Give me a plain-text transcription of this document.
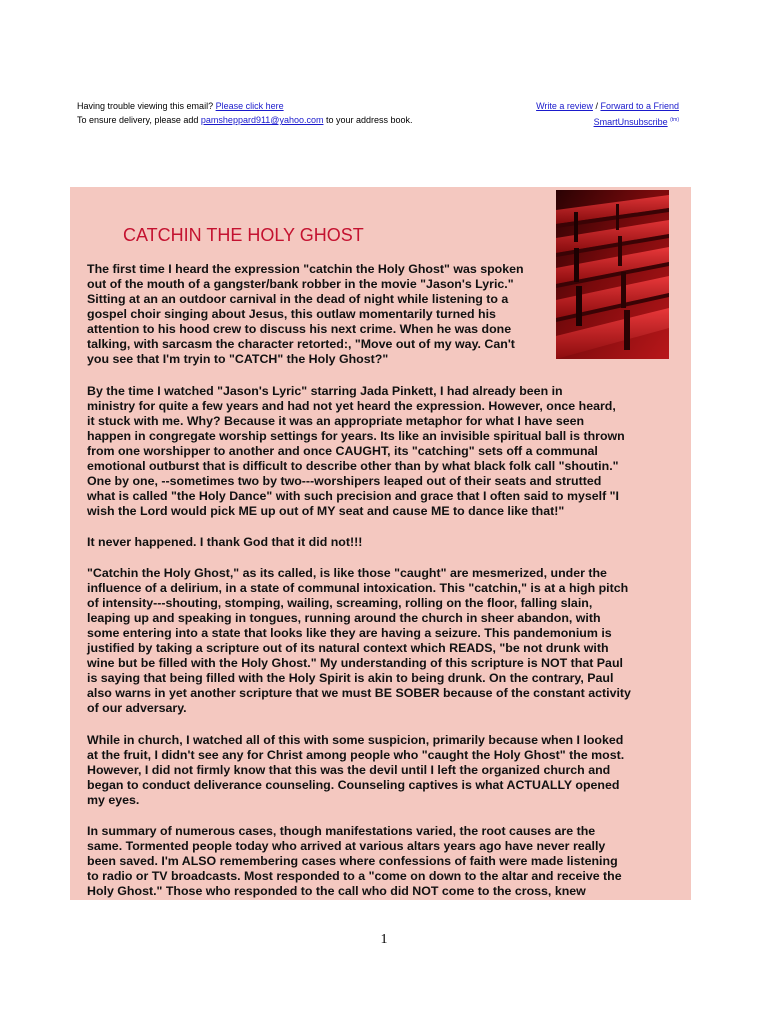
Having trouble viewing this email? Please click here	Write a review / Forward to a Friend
To ensure delivery, please add pamsheppard911@yahoo.com to your address book.	SmartUnsubscribe $^{(tm)}$
CATCHIN THE HOLY GHOST
The first time I heard the expression "catchin the Holy Ghost" was spoken
out of the mouth of a gangster/bank robber in the movie "Jason's Lyric."
Sitting at an an outdoor carnival in the dead of night while listening to a
gospel choir singing about Jesus, this outlaw momentarily turned his
attention to his hood crew to discuss his next crime. When he was done
talking, with sarcasm the character retorted:, "Move out of my way. Can't
you see that I'm tryin to "CATCH" the Holy Ghost?"
By the time I watched "Jason's Lyric" starring Jada Pinkett, I had already been in
ministry for quite a few years and had not yet heard the expression. However, once heard,
it stuck with me. Why? Because it was an appropriate metaphor for what I have seen
happen in congregate worship settings for years. Its like an invisible spiritual ball is thrown
from one worshipper to another and once CAUGHT, its "catching" sets off a communal
emotional outburst that is difficult to describe other than by what black folk call "shoutin."
One by one, --sometimes two by two---worshipers leaped out of their seats and strutted
what is called "the Holy Dance" with such precision and grace that I often said to myself "I
wish the Lord would pick ME up out of MY seat and cause ME to dance like that!"
It never happened. I thank God that it did not!!!
"Catchin the Holy Ghost," as its called, is like those "caught" are mesmerized, under the
influence of a delirium, in a state of communal intoxication. This "catchin," is at a high pitch
of intensity---shouting, stomping, wailing, screaming, rolling on the floor, falling slain,
leaping up and speaking in tongues, running around the church in sheer abandon, with
some entering into a state that looks like they are having a seizure. This pandemonium is
justified by taking a scripture out of its natural context which READS, "be not drunk with
wine but be filled with the Holy Ghost." My understanding of this scripture is NOT that Paul
is saying that being filled with the Holy Spirit is akin to being drunk. On the contrary, Paul
also warns in yet another scripture that we must BE SOBER because of the constant activity
of our adversary.
While in church, I watched all of this with some suspicion, primarily because when I looked
at the fruit, I didn't see any for Christ among people who "caught the Holy Ghost" the most.
However, I did not firmly know that this was the devil until I left the organized church and
began to conduct deliverance counseling. Counseling captives is what ACTUALLY opened
my eyes.
In summary of numerous cases, though manifestations varied, the root causes are the
same. Tormented people today who arrived at various altars years ago have never really
been saved. I'm ALSO remembering cases where confessions of faith were made listening
to radio or TV broadcasts. Most responded to a "come on down to the altar and receive the
Holy Ghost." Those who responded to the call who did NOT come to the cross, knew
1
